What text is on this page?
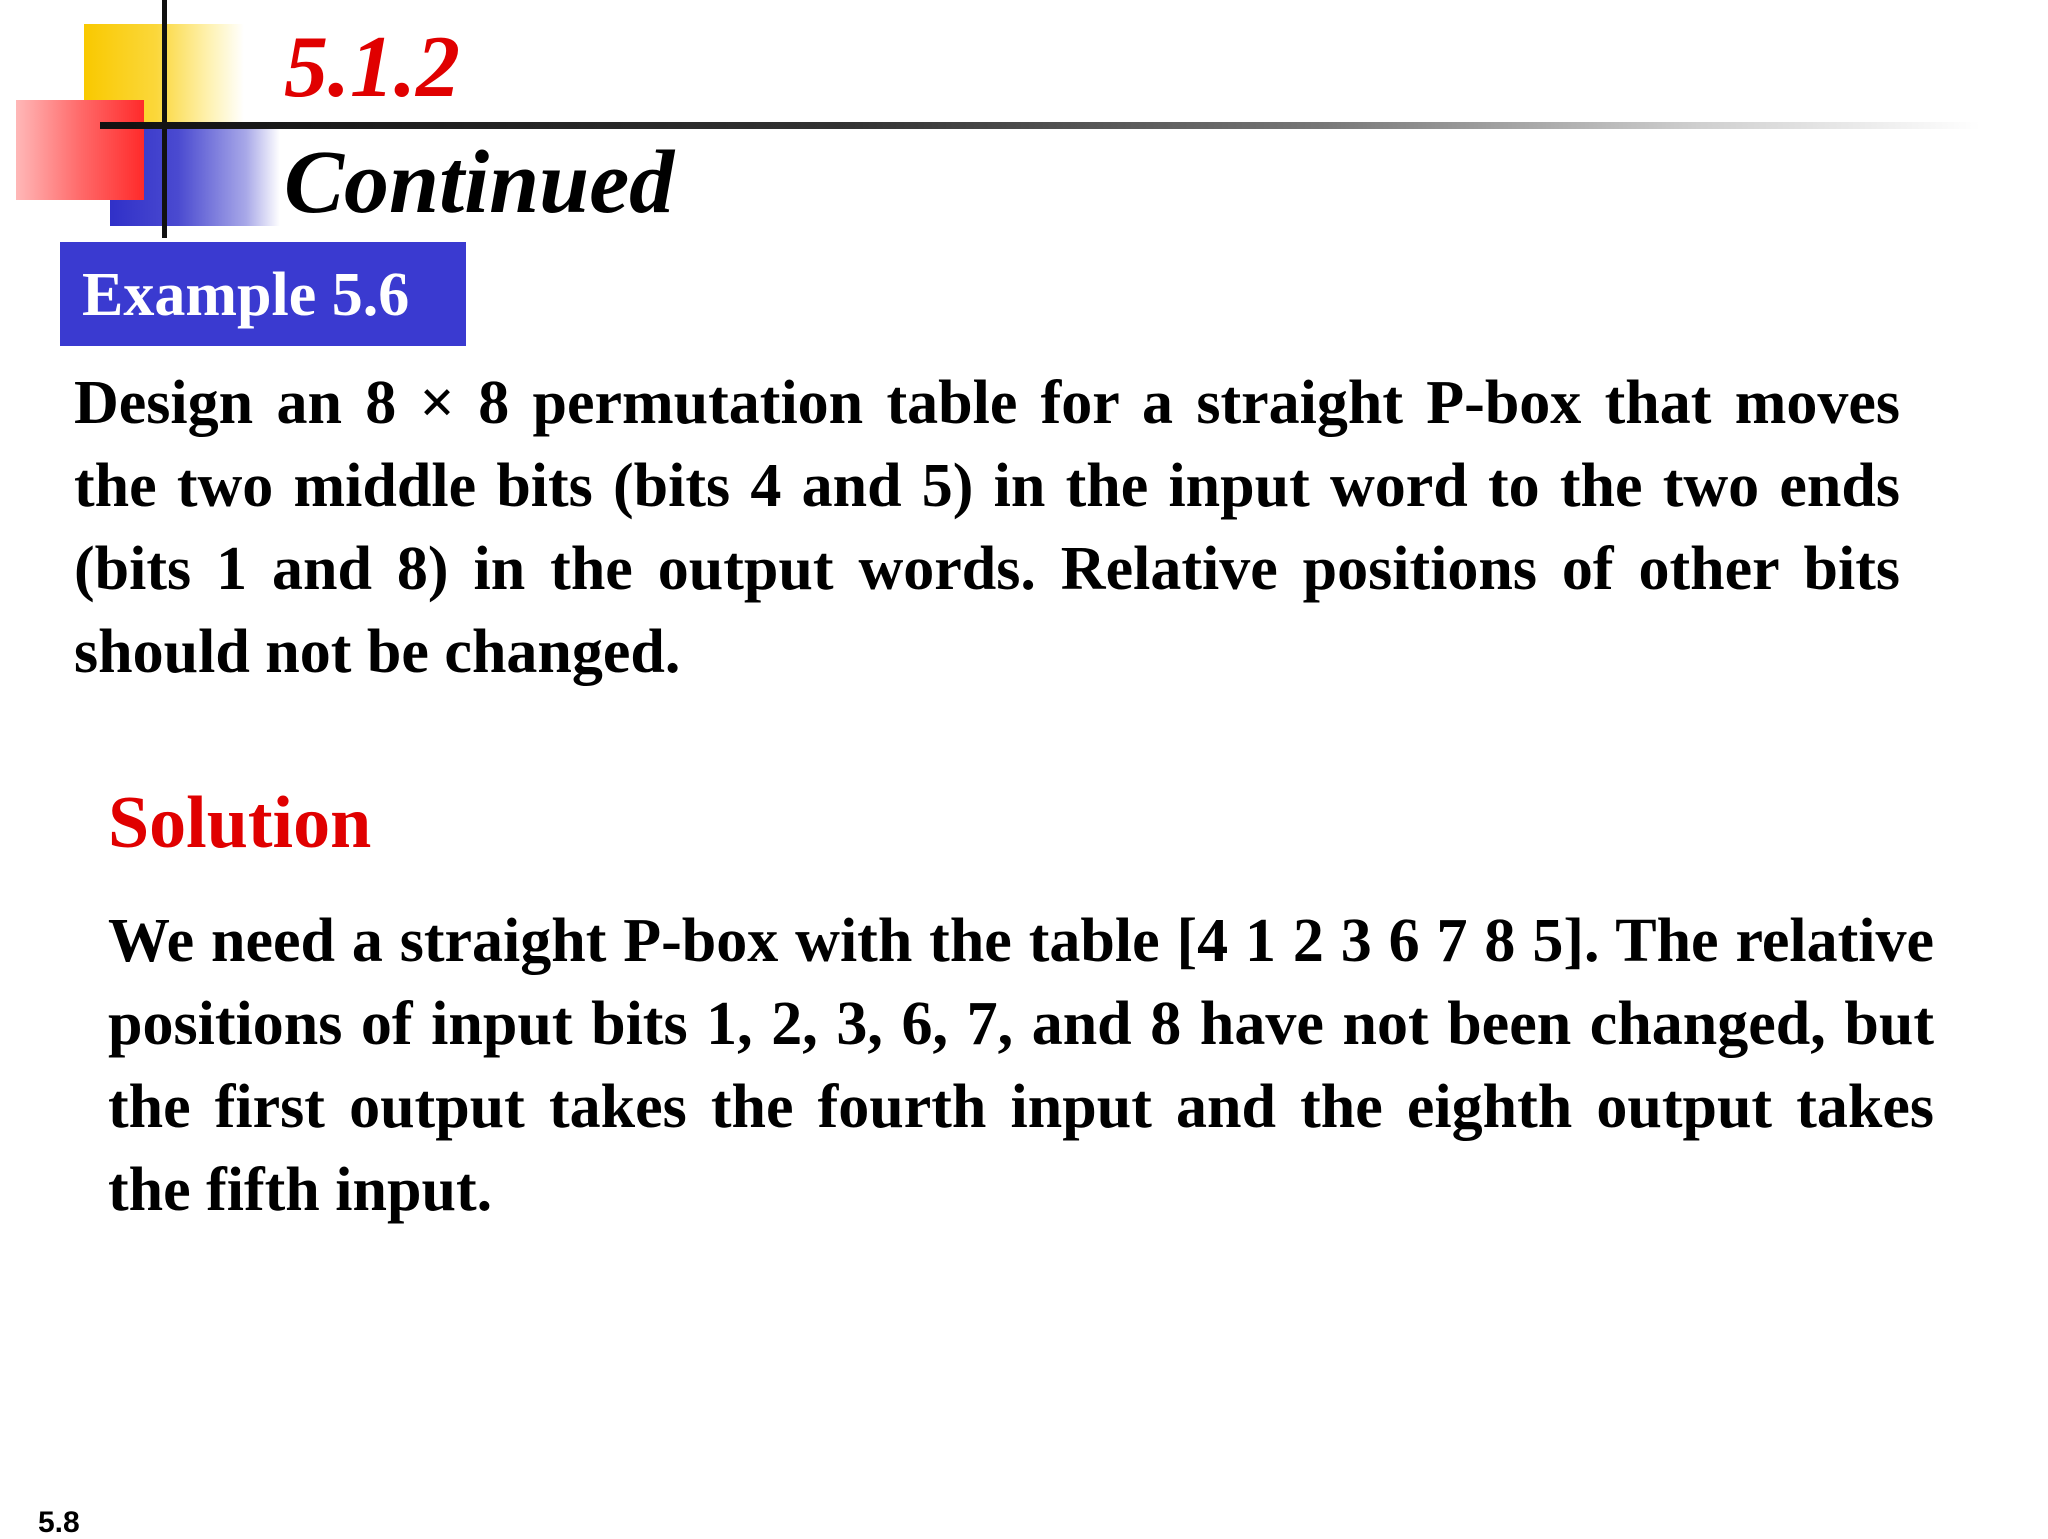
5.1.2
Continued
Example 5.6

Design an 8 × 8 permutation table for a straight P-box that moves the two middle bits (bits 4 and 5) in the input word to the two ends (bits 1 and 8) in the output words. Relative positions of other bits should not be changed.

Solution

We need a straight P-box with the table [4 1 2 3 6 7 8 5]. The relative positions of input bits 1, 2, 3, 6, 7, and 8 have not been changed, but the first output takes the fourth input and the eighth output takes the fifth input.

5.8
